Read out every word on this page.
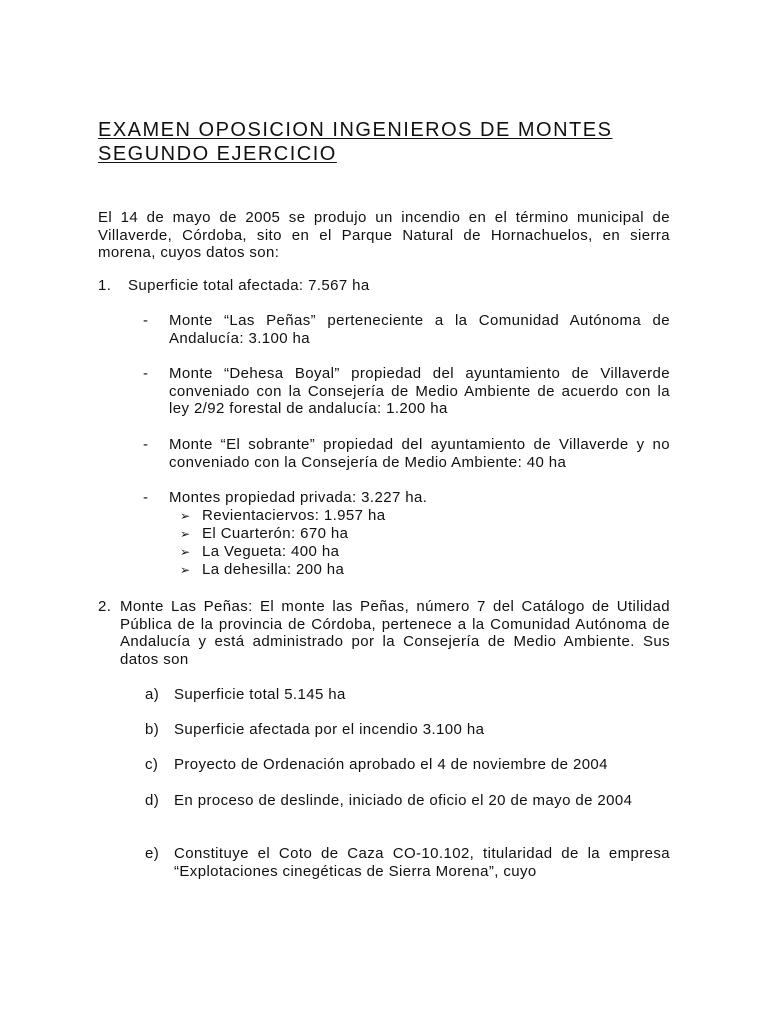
EXAMEN OPOSICION INGENIEROS DE MONTES
SEGUNDO EJERCICIO

El 14 de mayo de 2005 se produjo un incendio en el término municipal de Villaverde, Córdoba, sito en el Parque Natural de Hornachuelos, en sierra morena, cuyos datos son:

1. Superficie total afectada: 7.567 ha
- Monte “Las Peñas” perteneciente a la Comunidad Autónoma de Andalucía: 3.100 ha
- Monte “Dehesa Boyal” propiedad del ayuntamiento de Villaverde conveniado con la Consejería de Medio Ambiente de acuerdo con la ley 2/92 forestal de andalucía: 1.200 ha
- Monte “El sobrante” propiedad del ayuntamiento de Villaverde y no conveniado con la Consejería de Medio Ambiente: 40 ha
- Montes propiedad privada: 3.227 ha.
➢ Revientaciervos: 1.957 ha
➢ El Cuarterón: 670 ha
➢ La Vegueta: 400 ha
➢ La dehesilla: 200 ha
2. Monte Las Peñas: El monte las Peñas, número 7 del Catálogo de Utilidad Pública de la provincia de Córdoba, pertenece a la Comunidad Autónoma de Andalucía y está administrado por la Consejería de Medio Ambiente. Sus datos son
a) Superficie total 5.145 ha
b) Superficie afectada por el incendio 3.100 ha
c) Proyecto de Ordenación aprobado el 4 de noviembre de 2004
d) En proceso de deslinde, iniciado de oficio el 20 de mayo de 2004
e) Constituye el Coto de Caza CO-10.102, titularidad de la empresa “Explotaciones cinegéticas de Sierra Morena”, cuyo
